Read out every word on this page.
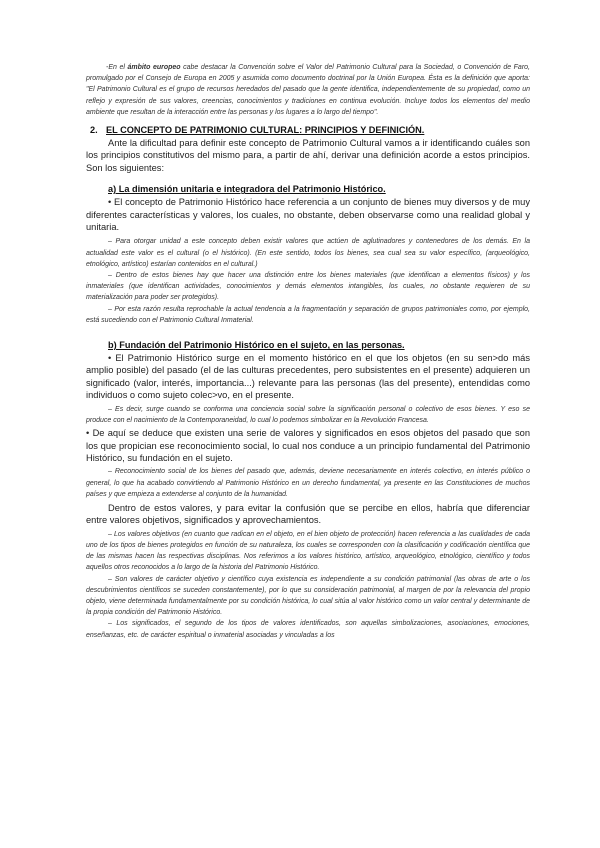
-En el ámbito europeo cabe destacar la Convención sobre el Valor del Patrimonio Cultural para la Sociedad, o Convención de Faro, promulgado por el Consejo de Europa en 2005 y asumida como documento doctrinal por la Unión Europea. Ésta es la definición que aporta: "El Patrimonio Cultural es el grupo de recursos heredados del pasado que la gente identifica, independientemente de su propiedad, como un reflejo y expresión de sus valores, creencias, conocimientos y tradiciones en continua evolución. Incluye todos los elementos del medio ambiente que resultan de la interacción entre las personas y los lugares a lo largo del tiempo".

2. EL CONCEPTO DE PATRIMONIO CULTURAL: PRINCIPIOS Y DEFINICIÓN.

Ante la dificultad para definir este concepto de Patrimonio Cultural vamos a ir identificando cuáles son los principios constitutivos del mismo para, a partir de ahí, derivar una definición acorde a estos principios. Son los siguientes:

a) La dimensión unitaria e integradora del Patrimonio Histórico.

• El concepto de Patrimonio Histórico hace referencia a un conjunto de bienes muy diversos y de muy diferentes características y valores, los cuales, no obstante, deben observarse como una realidad global y unitaria.

– Para otorgar unidad a este concepto deben existir valores que actúen de aglutinadores y contenedores de los demás. En la actualidad este valor es el cultural (o el histórico). (En este sentido, todos los bienes, sea cual sea su valor específico, (arqueológico, etnológico, artístico) estarían contenidos en el cultural.)

– Dentro de estos bienes hay que hacer una distinción entre los bienes materiales (que identifican a elementos físicos) y los inmateriales (que identifican actividades, conocimientos y demás elementos intangibles, los cuales, no obstante requieren de su materialización para poder ser protegidos).

– Por esta razón resulta reprochable la actual tendencia a la fragmentación y separación de grupos patrimoniales como, por ejemplo, está sucediendo con el Patrimonio Cultural Inmaterial.

b) Fundación del Patrimonio Histórico en el sujeto, en las personas.

• El Patrimonio Histórico surge en el momento histórico en el que los objetos (en su sen>do más amplio posible) del pasado (el de las culturas precedentes, pero subsistentes en el presente) adquieren un significado (valor, interés, importancia...) relevante para las personas (las del presente), entendidas como individuos o como sujeto colec>vo, en el presente.

– Es decir, surge cuando se conforma una conciencia social sobre la significación personal o colectivo de esos bienes. Y eso se produce con el nacimiento de la Contemporaneidad, lo cual lo podemos simbolizar en la Revolución Francesa.

• De aquí se deduce que existen una serie de valores y significados en esos objetos del pasado que son los que propician ese reconocimiento social, lo cual nos conduce a un principio fundamental del Patrimonio Histórico, su fundación en el sujeto.

– Reconocimiento social de los bienes del pasado que, además, deviene necesariamente en interés colectivo, en interés público o general, lo que ha acabado convirtiendo al Patrimonio Histórico en un derecho fundamental, ya presente en las Constituciones de muchos países y que empieza a extenderse al conjunto de la humanidad.

Dentro de estos valores, y para evitar la confusión que se percibe en ellos, habría que diferenciar entre valores objetivos, significados y aprovechamientos.

– Los valores objetivos (en cuanto que radican en el objeto, en el bien objeto de protección) hacen referencia a las cualidades de cada uno de los tipos de bienes protegidos en función de su naturaleza, los cuales se corresponden con la clasificación y codificación científica que de las mismas hacen las respectivas disciplinas. Nos referimos a los valores histórico, artístico, arqueológico, etnológico, científico y todos aquellos otros reconocidos a lo largo de la historia del Patrimonio Histórico.

– Son valores de carácter objetivo y científico cuya existencia es independiente a su condición patrimonial (las obras de arte o los descubrimientos científicos se suceden constantemente), por lo que su consideración patrimonial, al margen de por la relevancia del propio objeto, viene determinada fundamentalmente por su condición histórica, lo cual sitúa al valor histórico como un valor central y determinante de la propia condición del Patrimonio Histórico.

– Los significados, el segundo de los tipos de valores identificados, son aquellas simbolizaciones, asociaciones, emociones, enseñanzas, etc. de carácter espiritual o inmaterial asociadas y vinculadas a los
